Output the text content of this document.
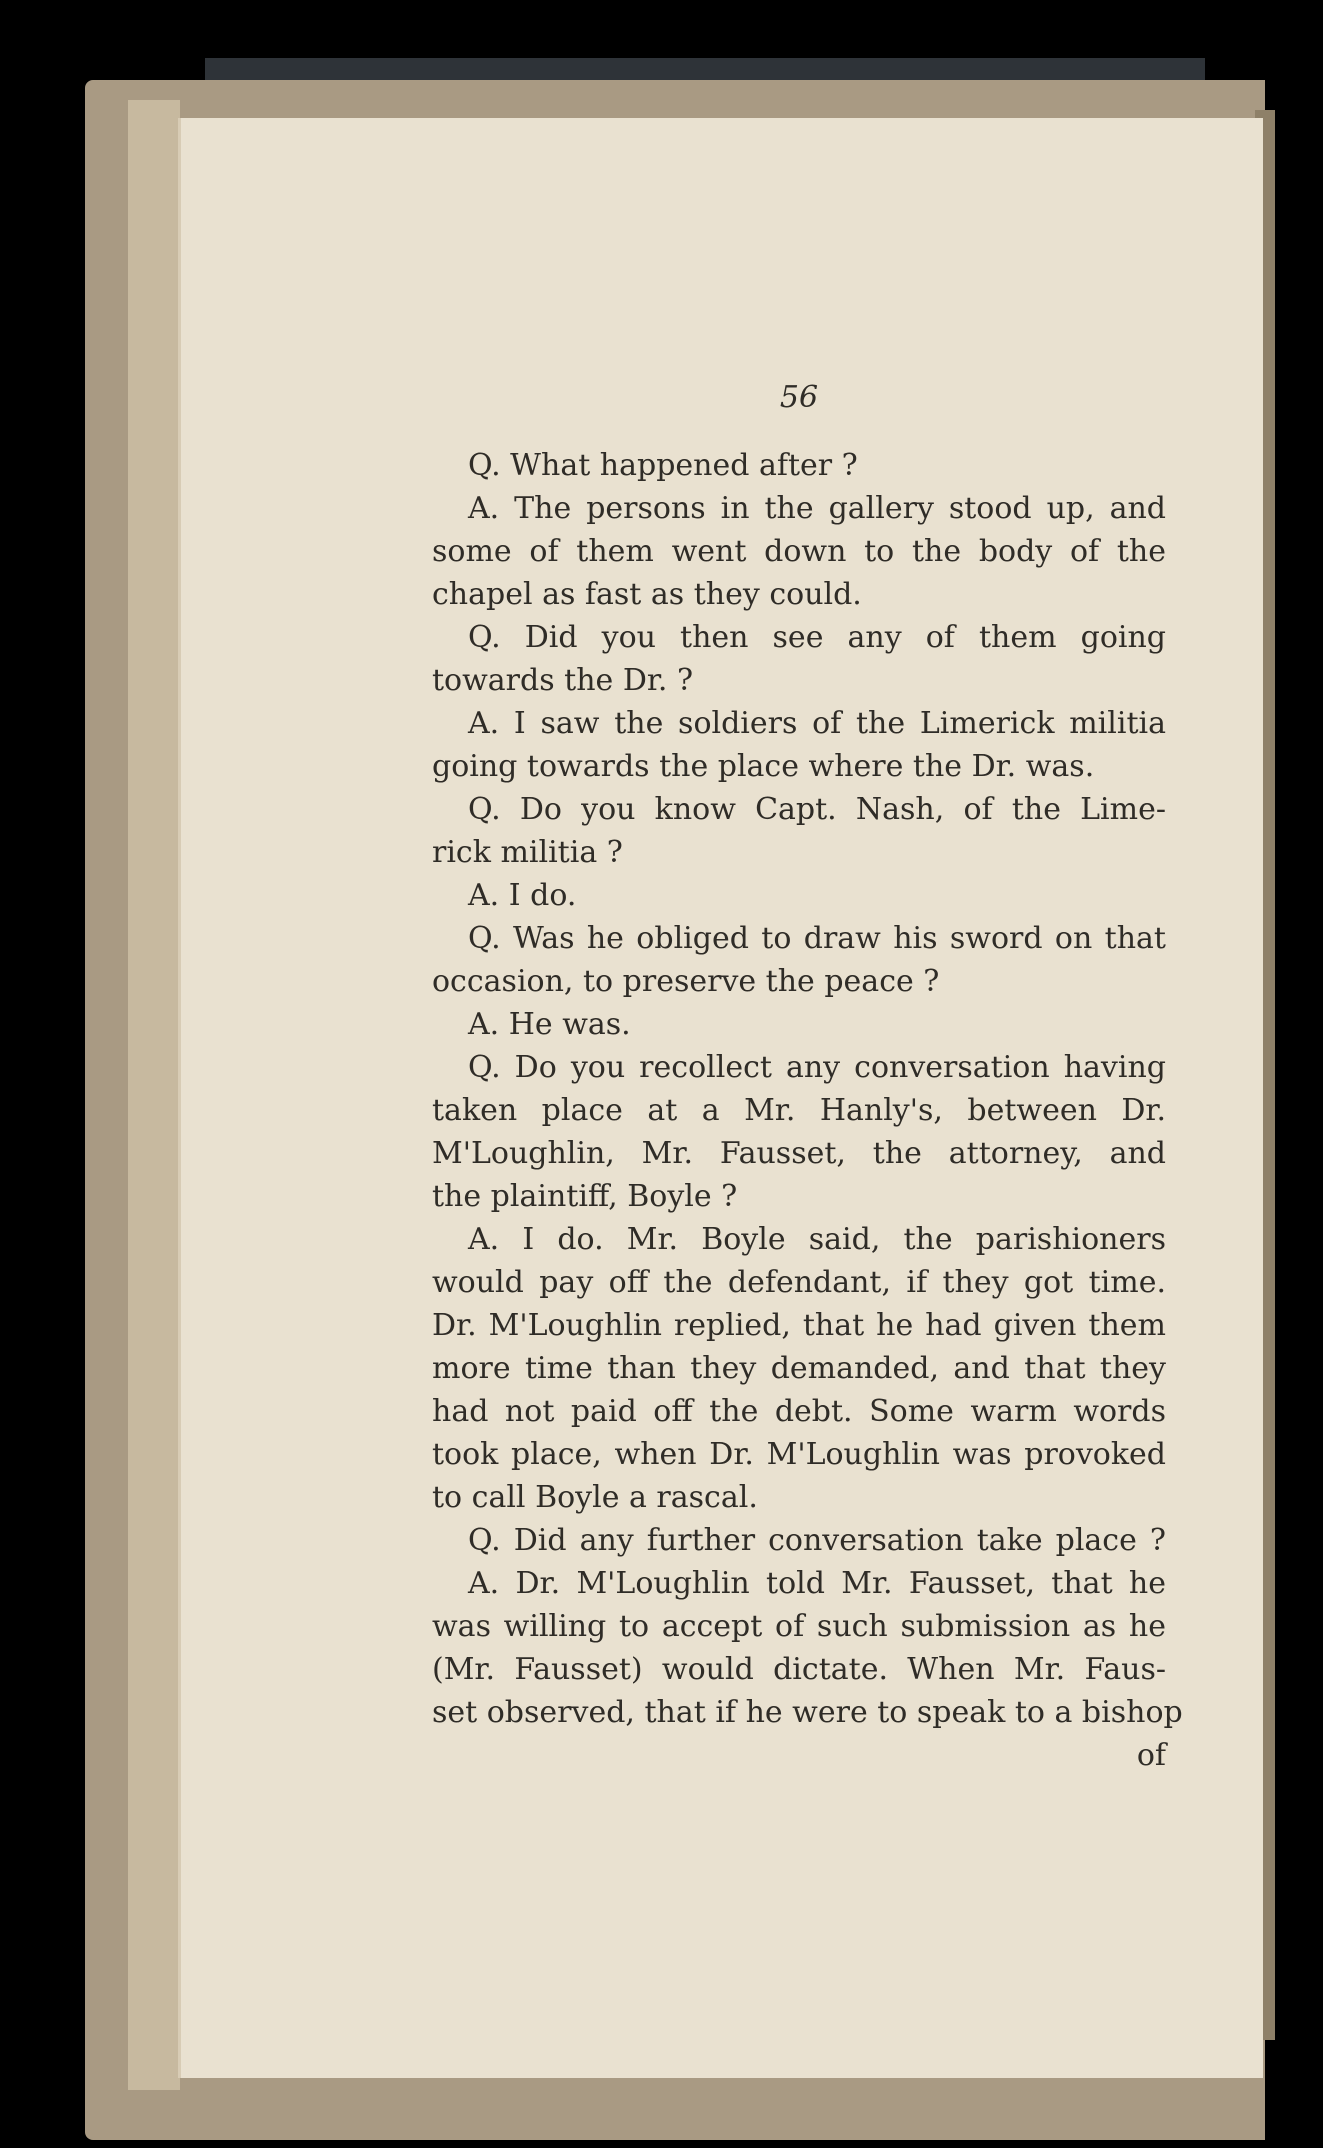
56
Q. What happened after ?
A. The persons in the gallery stood up, and
some of them went down to the body of the
chapel as fast as they could.
Q. Did you then see any of them going
towards the Dr. ?
A. I saw the soldiers of the Limerick militia
going towards the place where the Dr. was.
Q. Do you know Capt. Nash, of the Lime-
rick militia ?
A. I do.
Q. Was he obliged to draw his sword on that
occasion, to preserve the peace ?
A. He was.
Q. Do you recollect any conversation having
taken place at a Mr. Hanly's, between Dr.
M'Loughlin, Mr. Fausset, the attorney, and
the plaintiff, Boyle ?
A. I do. Mr. Boyle said, the parishioners
would pay off the defendant, if they got time.
Dr. M'Loughlin replied, that he had given them
more time than they demanded, and that they
had not paid off the debt. Some warm words
took place, when Dr. M'Loughlin was provoked
to call Boyle a rascal.
Q. Did any further conversation take place ?
A. Dr. M'Loughlin told Mr. Fausset, that he
was willing to accept of such submission as he
(Mr. Fausset) would dictate. When Mr. Faus-
set observed, that if he were to speak to a bishop
of
